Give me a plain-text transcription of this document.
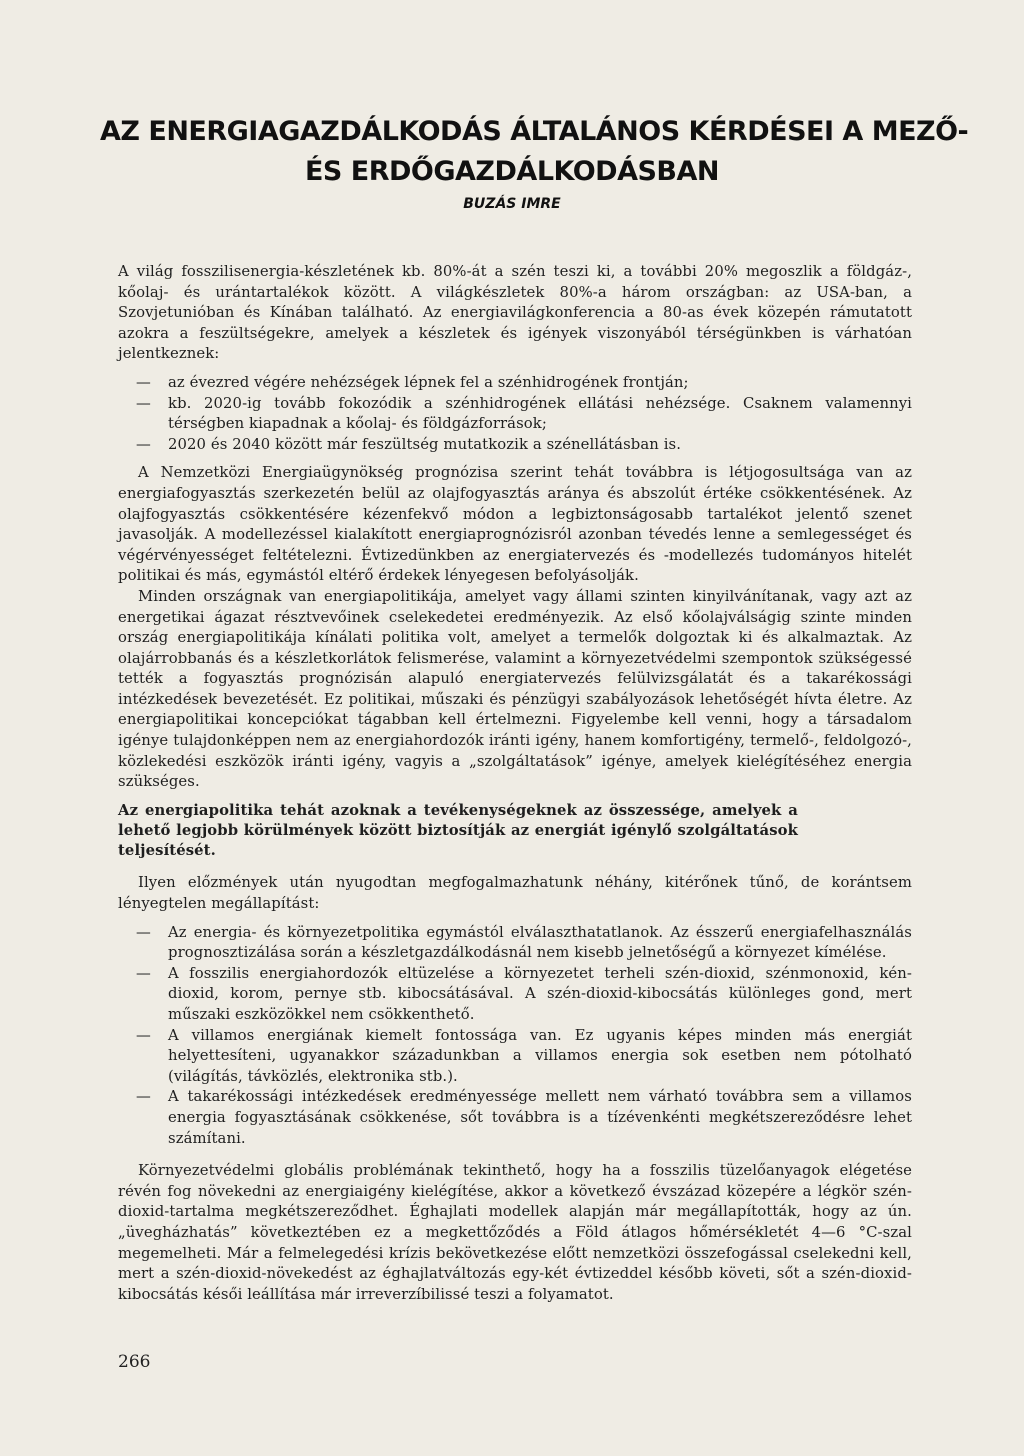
AZ ENERGIAGAZDÁLKODÁS ÁLTALÁNOS KÉRDÉSEI A MEZŐ-
ÉS ERDŐGAZDÁLKODÁSBAN
BUZÁS IMRE

A világ fosszilisenergia-készletének kb. 80%-át a szén teszi ki, a további 20% megoszlik a földgáz-, kőolaj- és urántartalékok között. A világkészletek 80%-a három országban: az USA-ban, a Szovjetunióban és Kínában található. Az energiavilágkonferencia a 80-as évek közepén rámutatott azokra a feszültségekre, amelyek a készletek és igények viszonyából térségünkben is várhatóan jelentkeznek:

— az évezred végére nehézségek lépnek fel a szénhidrogének frontján;
— kb. 2020-ig tovább fokozódik a szénhidrogének ellátási nehézsége. Csaknem valamennyi térségben kiapadnak a kőolaj- és földgázforrások;
— 2020 és 2040 között már feszültség mutatkozik a szénellátásban is.

A Nemzetközi Energiaügynökség prognózisa szerint tehát továbbra is létjogosultsága van az energiafogyasztás szerkezetén belül az olajfogyasztás aránya és abszolút értéke csökkentésének. Az olajfogyasztás csökkentésére kézenfekvő módon a legbiztonságosabb tartalékot jelentő szenet javasolják. A modellezéssel kialakított energiaprognózisról azonban tévedés lenne a semlegességet és végérvényességet feltételezni. Évtizedünkben az energiatervezés és -modellezés tudományos hitelét politikai és más, egymástól eltérő érdekek lényegesen befolyásolják.

Minden országnak van energiapolitikája, amelyet vagy állami szinten kinyilvánítanak, vagy azt az energetikai ágazat résztvevőinek cselekedetei eredményezik. Az első kőolajválságig szinte minden ország energiapolitikája kínálati politika volt, amelyet a termelők dolgoztak ki és alkalmaztak. Az olajárrobbanás és a készletkorlátok felismerése, valamint a környezetvédelmi szempontok szükségessé tették a fogyasztás prognózisán alapuló energiatervezés felülvizsgálatát és a takarékossági intézkedések bevezetését. Ez politikai, műszaki és pénzügyi szabályozások lehetőségét hívta életre. Az energiapolitikai koncepciókat tágabban kell értelmezni. Figyelembe kell venni, hogy a társadalom igénye tulajdonképpen nem az energiahordozók iránti igény, hanem komfortigény, termelő-, feldolgozó-, közlekedési eszközök iránti igény, vagyis a „szolgáltatások” igénye, amelyek kielégítéséhez energia szükséges.

Az energiapolitika tehát azoknak a tevékenységeknek az összessége, amelyek a lehető legjobb körülmények között biztosítják az energiát igénylő szolgáltatások teljesítését.

Ilyen előzmények után nyugodtan megfogalmazhatunk néhány, kitérőnek tűnő, de korántsem lényegtelen megállapítást:

— Az energia- és környezetpolitika egymástól elválaszthatatlanok. Az ésszerű energiafelhasználás prognosztizálása során a készletgazdálkodásnál nem kisebb jelnetőségű a környezet kímélése.
— A fosszilis energiahordozók eltüzelése a környezetet terheli szén-dioxid, szénmonoxid, kén-dioxid, korom, pernye stb. kibocsátásával. A szén-dioxid-kibocsátás különleges gond, mert műszaki eszközökkel nem csökkenthető.
— A villamos energiának kiemelt fontossága van. Ez ugyanis képes minden más energiát helyettesíteni, ugyanakkor századunkban a villamos energia sok esetben nem pótolható (világítás, távközlés, elektronika stb.).
— A takarékossági intézkedések eredményessége mellett nem várható továbbra sem a villamos energia fogyasztásának csökkenése, sőt továbbra is a tízévenkénti megkétszereződésre lehet számítani.

Környezetvédelmi globális problémának tekinthető, hogy ha a fosszilis tüzelőanyagok elégetése révén fog növekedni az energiaigény kielégítése, akkor a következő évszázad közepére a légkör szén-dioxid-tartalma megkétszereződhet. Éghajlati modellek alapján már megállapították, hogy az ún. „üvegházhatás” következtében ez a megkettőződés a Föld átlagos hőmérsékletét 4—6 °C-szal megemelheti. Már a felmelegedési krízis bekövetkezése előtt nemzetközi összefogással cselekedni kell, mert a szén-dioxid-növekedést az éghajlatváltozás egy-két évtizeddel később követi, sőt a szén-dioxid-kibocsátás késői leállítása már irreverzíbilissé teszi a folyamatot.

266
